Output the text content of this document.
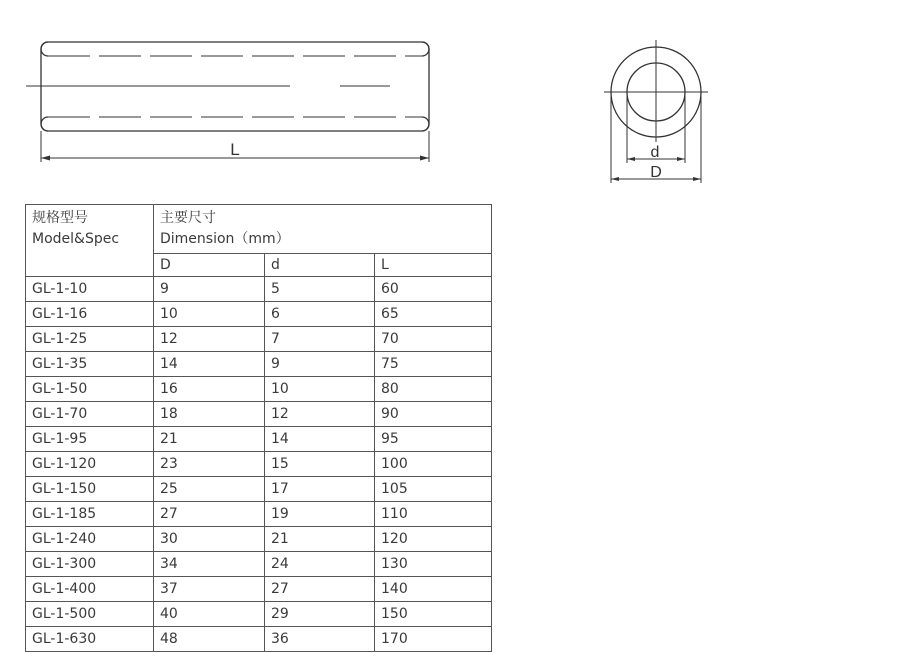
L	d
D
规格型号
Model&Spec	主要尺寸
Dimension（mm）		

	D	d	L
GL-1-10	9	5	60
GL-1-16	10	6	65
GL-1-25	12	7	70
GL-1-35	14	9	75
GL-1-50	16	10	80
GL-1-70	18	12	90
GL-1-95	21	14	95
GL-1-120	23	15	100
GL-1-150	25	17	105
GL-1-185	27	19	110
GL-1-240	30	21	120
GL-1-300	34	24	130
GL-1-400	37	27	140
GL-1-500	40	29	150
GL-1-630	48	36	170
